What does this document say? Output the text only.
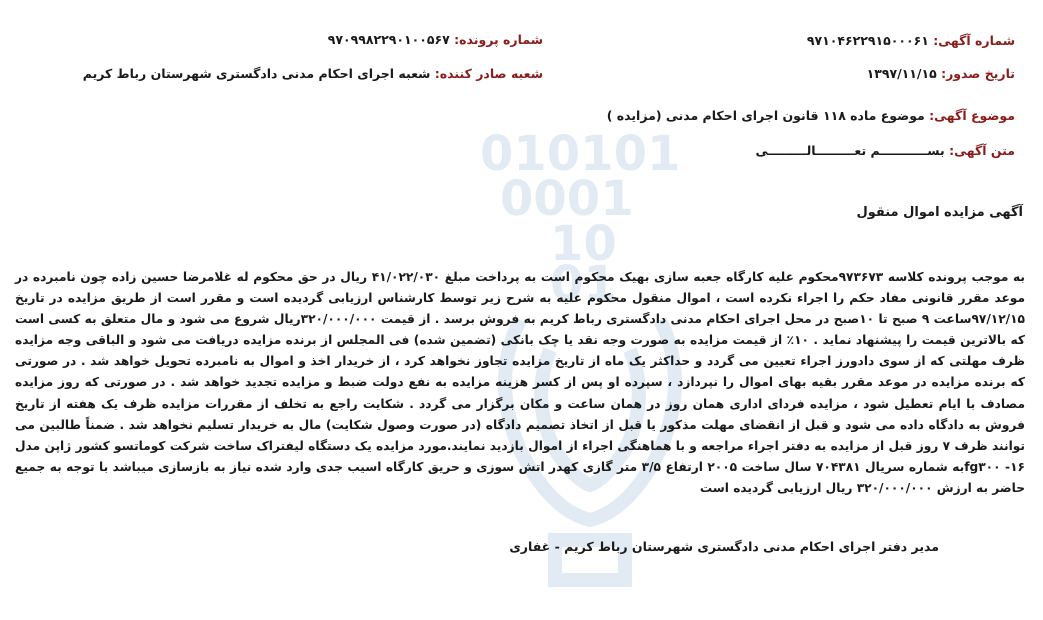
010101
0001
10
01
شماره آگهی: ۹۷۱۰۴۶۲۲۹۱۵۰۰۰۶۱
شماره پرونده: ۹۷۰۹۹۸۲۲۹۰۱۰۰۵۶۷
تاریخ صدور: ۱۳۹۷/۱۱/۱۵
شعبه صادر کننده: شعبه اجرای احکام مدنی دادگستری شهرستان رباط کریم
موضوع آگهی: موضوع ماده ۱۱۸ قانون اجرای احکام مدنی (مزایده )
متن آگهی: بســـــــــــم تعـــــــــالـــــــــی
آگهی مزایده اموال منقول

به موجب پرونده کلاسه ۹۷۳۶۷۳محکوم علیه کارگاه جعبه سازی بهیک محکوم است به پرداخت مبلغ ۴۱/۰۲۲/۰۳۰ ریال در حق محکوم له غلامرضا حسین زاده چون نامبرده در موعد مقرر قانونی مفاد حکم را اجراء نکرده است ، اموال منقول محکوم علیه به شرح زیر توسط کارشناس ارزیابی گردیده است و مقرر است از طریق مزایده در تاریخ ۹۷/۱۲/۱۵ساعت ۹ صبح تا ۱۰صبح در محل اجرای احکام مدنی دادگستری رباط کریم به فروش برسد . از قیمت ۳۲۰/۰۰۰/۰۰۰ریال شروع می شود و مال متعلق به کسی است که بالاترین قیمت را پیشنهاد نماید . ۱۰٪ از قیمت مزایده به صورت وجه نقد یا چک بانکی (تضمین شده) فی المجلس از برنده مزایده دریافت می شود و الباقی وجه مزایده ظرف مهلتی که از سوی دادورز اجراء تعیین می گردد و حداکثر یک ماه از تاریخ مزایده تجاوز نخواهد کرد ، از خریدار اخذ و اموال به نامبرده تحویل خواهد شد . در صورتی که برنده مزایده در موعد مقرر بقیه بهای اموال را نپردازد ، سپرده او پس از کسر هزینه مزایده به نفع دولت ضبط و مزایده تجدید خواهد شد . در صورتی که روز مزایده مصادف با ایام تعطیل شود ، مزایده فردای اداری همان روز در همان ساعت و مکان برگزار می گردد . شکایت راجع به تخلف از مقررات مزایده ظرف یک هفته از تاریخ فروش به دادگاه داده می شود و قبل از انقضای مهلت مذکور یا قبل از اتخاذ تصمیم دادگاه (در صورت وصول شکایت) مال به خریدار تسلیم نخواهد شد . ضمناً طالبین می توانند ظرف ۷ روز قبل از مزایده به دفتر اجراء مراجعه و با هماهنگی اجراء از اموال بازدید نمایند.مورد مزایده یک دستگاه لیفتراک ساخت شرکت کوماتسو کشور ژاپن مدل ۱۶- fg۳۰۰به شماره سریال ۷۰۴۳۸۱ سال ساخت ۲۰۰۵ ارتفاع ۳/۵ متر گازی کهدر اتش سوزی و حریق کارگاه اسیب جدی وارد شده نیاز به بازسازی میباشد با توجه به جمیع حاضر به ارزش ۳۲۰/۰۰۰/۰۰۰ ریال ارزیابی گردیده است

مدیر دفتر اجرای احکام مدنی دادگستری شهرستان رباط کریم - غفاری
